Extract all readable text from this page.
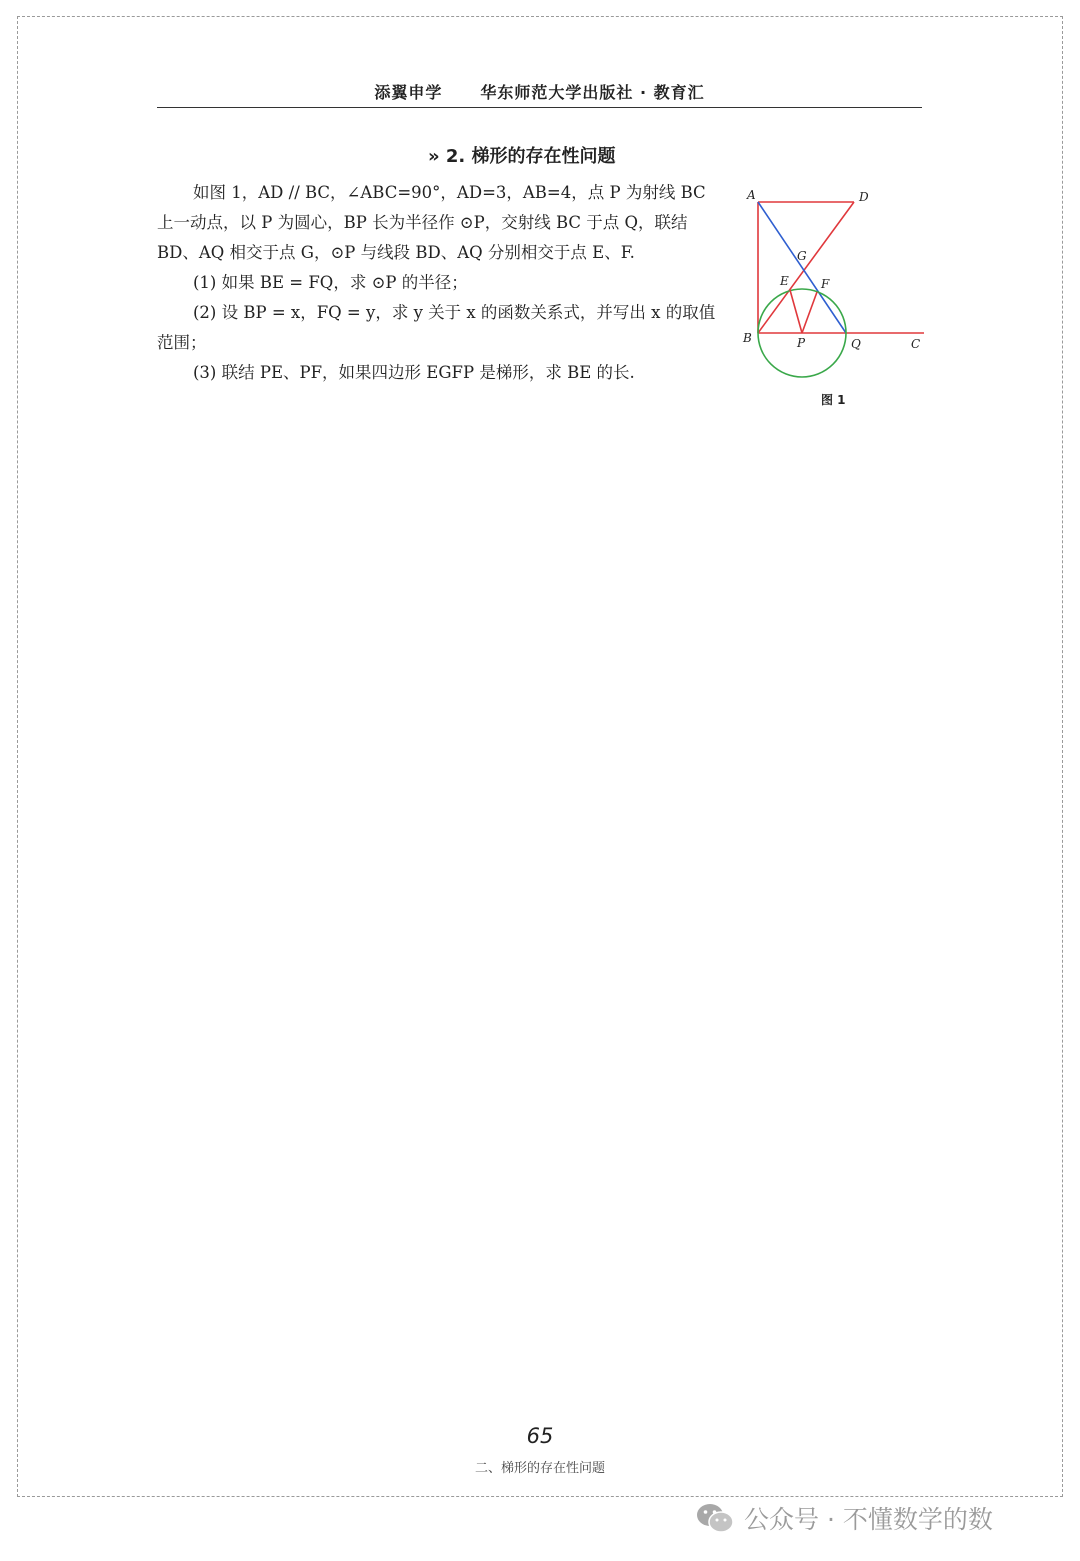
添翼申学 华东师范大学出版社 · 教育汇
» 2. 梯形的存在性问题

如图 1，AD // BC，∠ABC=90°，AD=3，AB=4，点 P 为射线 BC 上一动点，以 P 为圆心，BP 长为半径作 ⊙P，交射线 BC 于点 Q，联结 BD、AQ 相交于点 G，⊙P 与线段 BD、AQ 分别相交于点 E、F.

(1) 如果 BE = FQ，求 ⊙P 的半径；

(2) 设 BP = x，FQ = y，求 y 关于 x 的函数关系式，并写出 x 的取值范围；

(3) 联结 PE、PF，如果四边形 EGFP 是梯形，求 BE 的长.

A	D
G
E	F
B	P	Q	C
图 1
65
二、梯形的存在性问题
公众号 · 不懂数学的数
